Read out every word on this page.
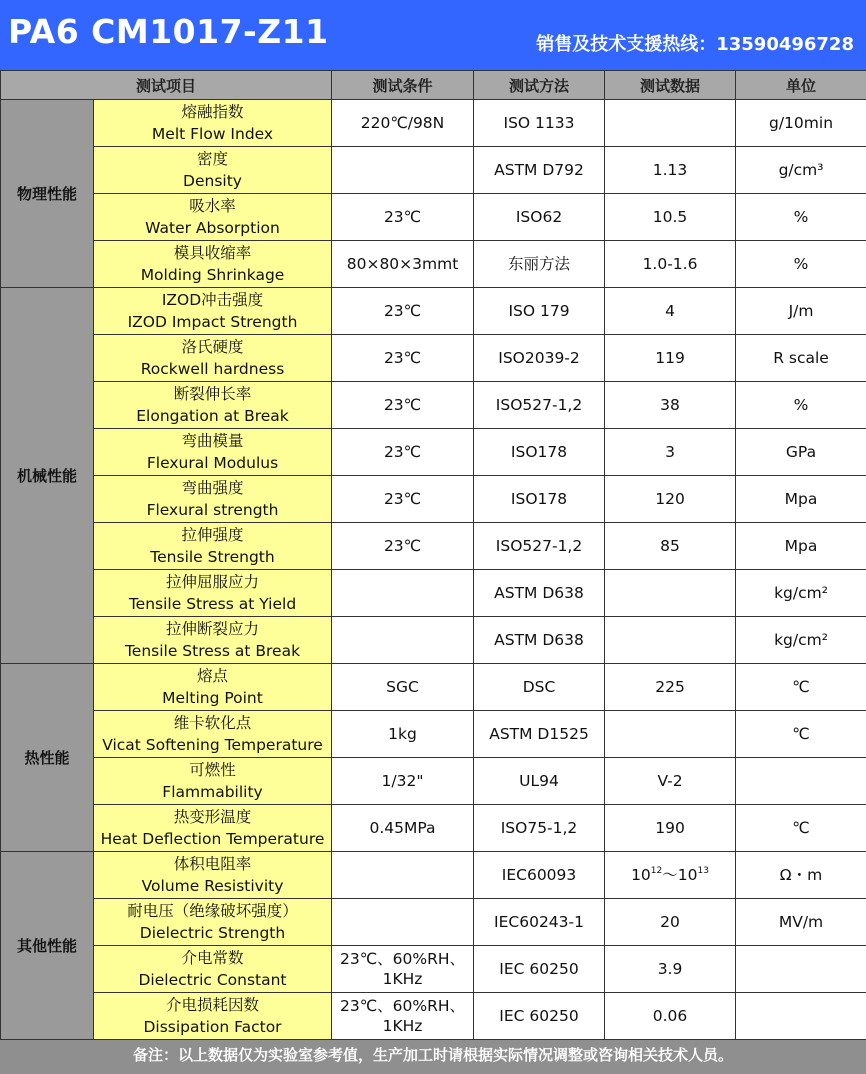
PA6 CM1017-Z11	销售及技术支援热线：13590496728
测试项目		测试条件	测试方法	测试数据	单位
物理性能	熔融指数
Melt Flow Index	220℃/98N	ISO 1133		g/10min

	密度
Density		ASTM D792	1.13	g/cm³

	吸水率
Water Absorption	23℃	ISO62	10.5	%

	模具收缩率
Molding Shrinkage	80×80×3mmt	东丽方法	1.0-1.6	%
机械性能	IZOD冲击强度
IZOD Impact Strength	23℃	ISO 179	4	J/m

	洛氏硬度
Rockwell hardness	23℃	ISO2039-2	119	R scale

	断裂伸长率
Elongation at Break	23℃	ISO527-1,2	38	%

	弯曲模量
Flexural Modulus	23℃	ISO178	3	GPa

	弯曲强度
Flexural strength	23℃	ISO178	120	Mpa

	拉伸强度
Tensile Strength	23℃	ISO527-1,2	85	Mpa

	拉伸屈服应力
Tensile Stress at Yield		ASTM D638		kg/cm²

	拉伸断裂应力
Tensile Stress at Break		ASTM D638		kg/cm²
热性能	熔点
Melting Point	SGC	DSC	225	℃

	维卡软化点
Vicat Softening Temperature	1kg	ASTM D1525		℃

	可燃性
Flammability	1/32"	UL94	V-2	

	热变形温度
Heat Deflection Temperature	0.45MPa	ISO75-1,2	190	℃
其他性能	体积电阻率
Volume Resistivity		IEC60093	$10^{12}\sim 10^{13}$	Ω・m

	耐电压（绝缘破坏强度）
Dielectric Strength		IEC60243-1	20	MV/m

	介电常数
Dielectric Constant	23℃、60%RH、
1KHz	IEC 60250	3.9	

	介电损耗因数
Dissipation Factor	23℃、60%RH、
1KHz	IEC 60250	0.06	
备注：以上数据仅为实验室参考值，生产加工时请根据实际情况调整或咨询相关技术人员。
